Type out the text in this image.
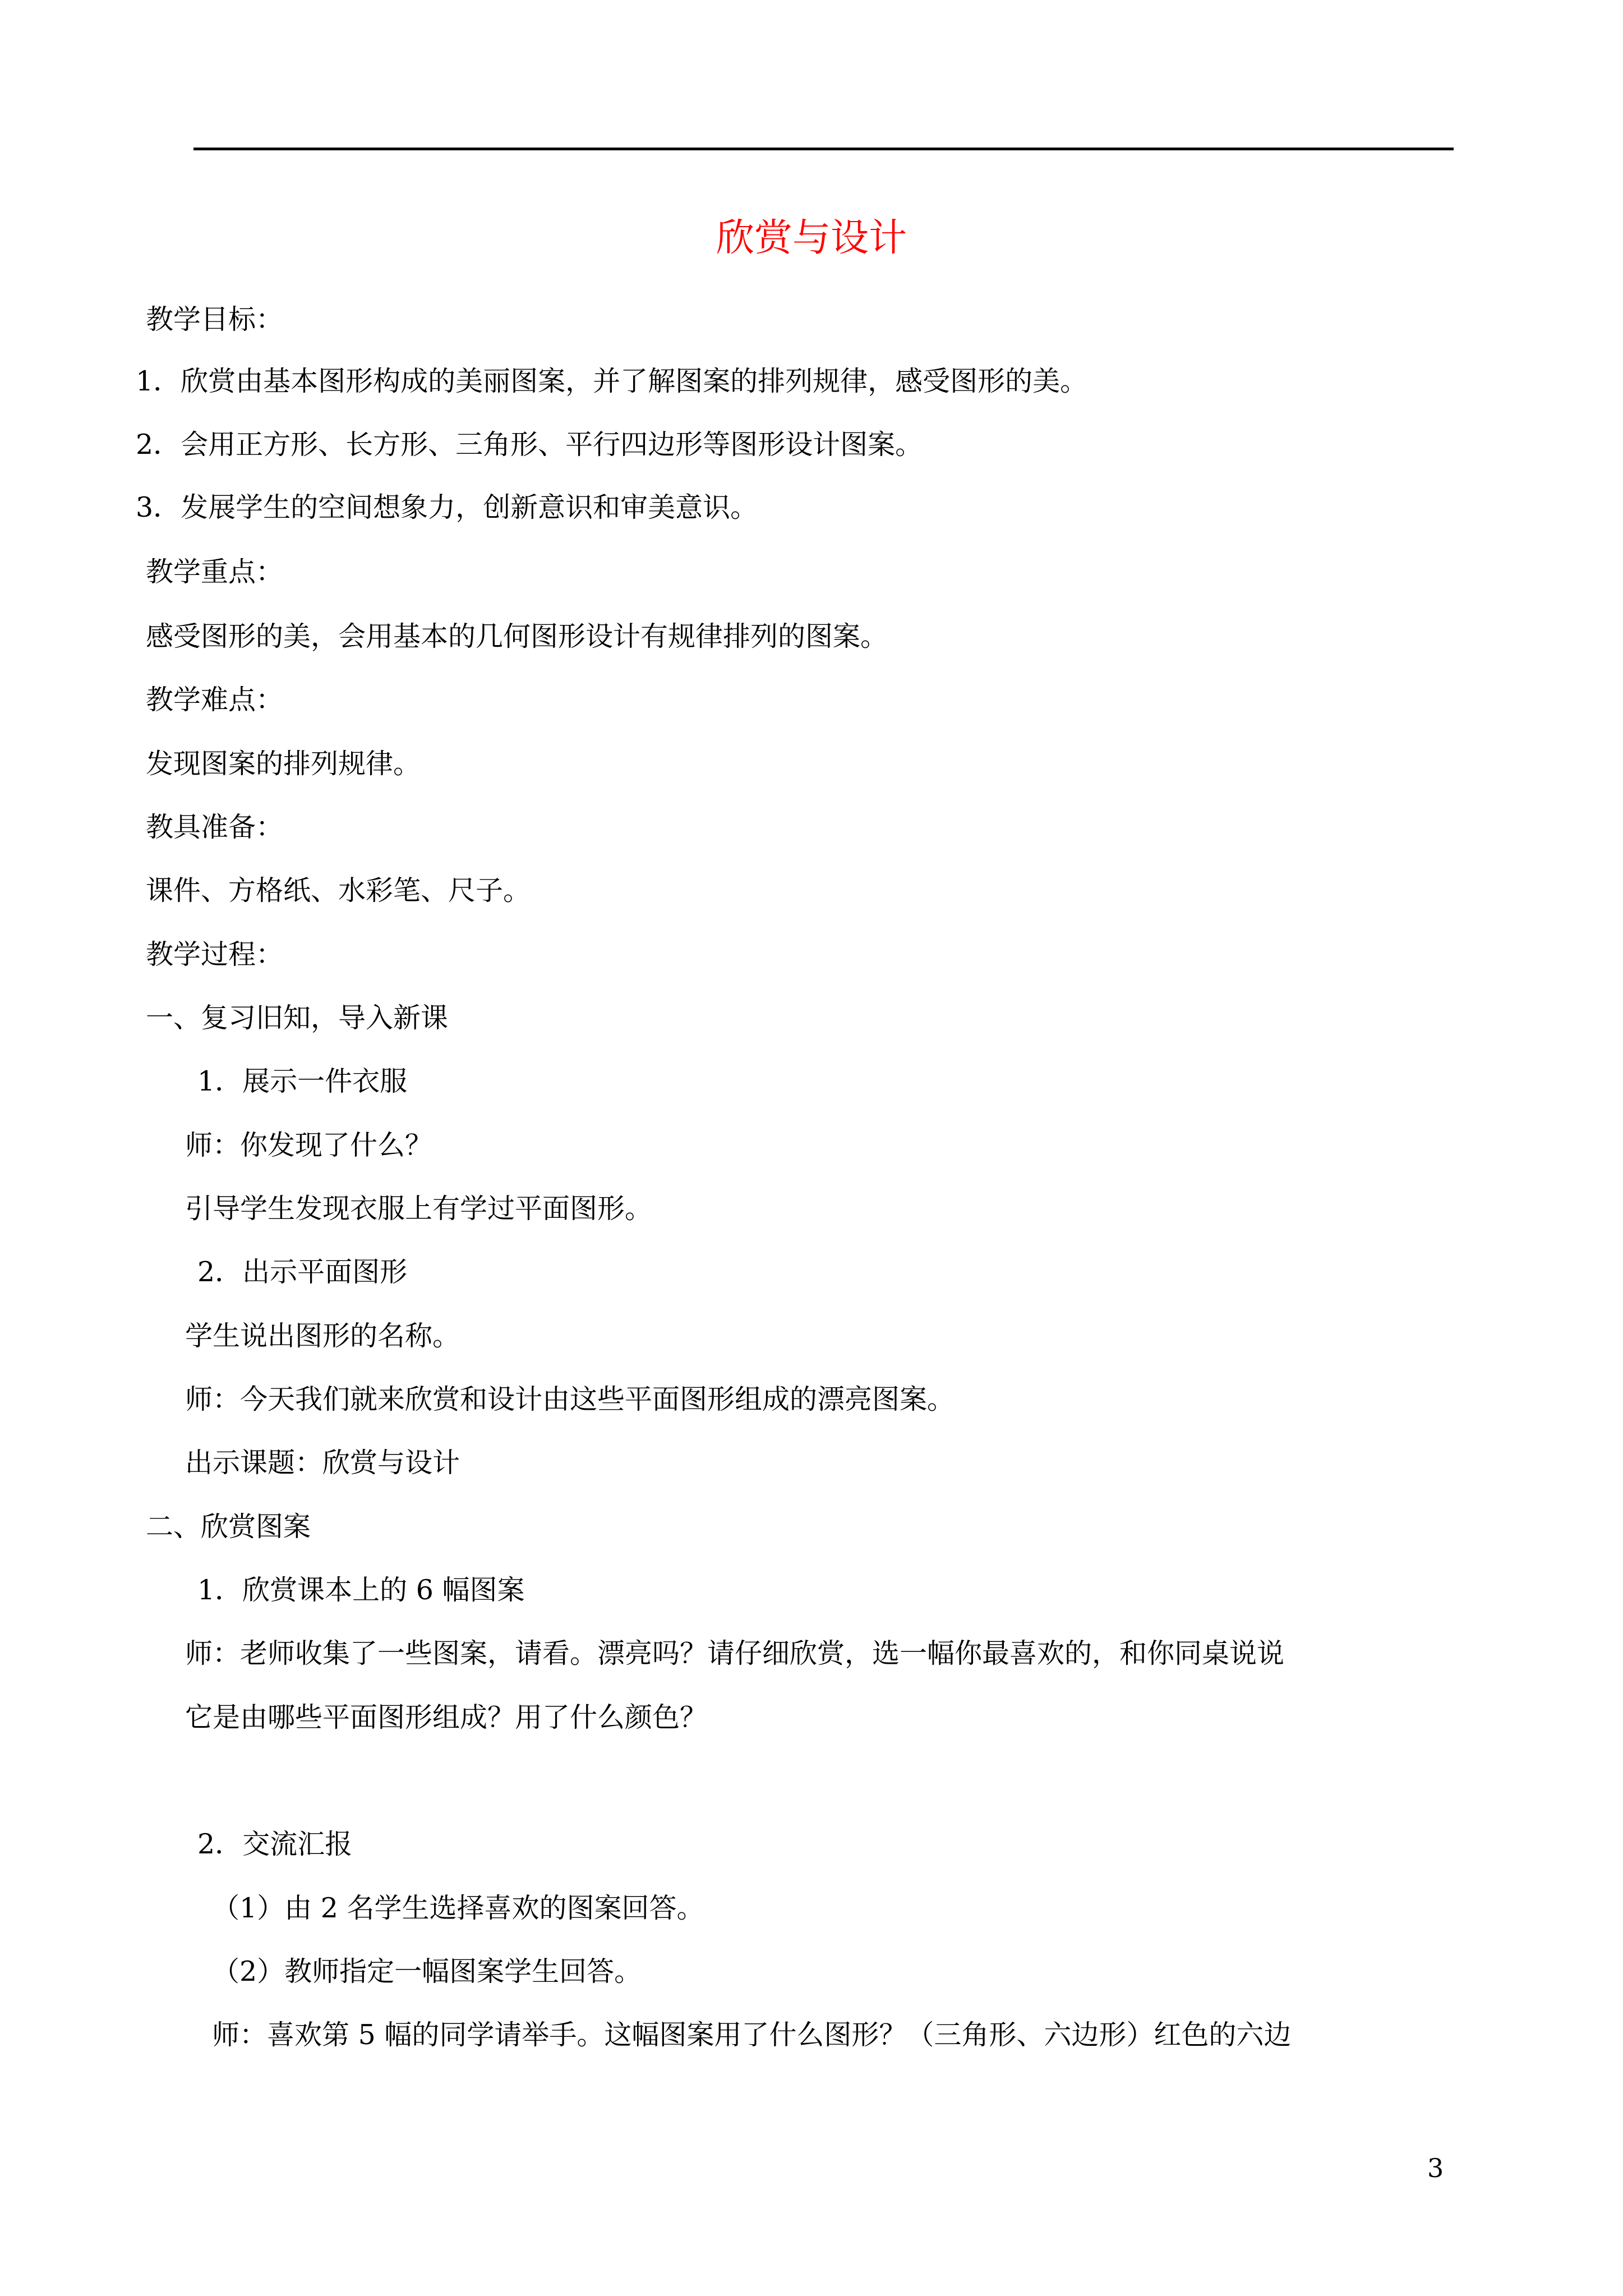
欣赏与设计
教学目标：
1．欣赏由基本图形构成的美丽图案，并了解图案的排列规律，感受图形的美。
2．会用正方形、长方形、三角形、平行四边形等图形设计图案。
3．发展学生的空间想象力，创新意识和审美意识。
教学重点：
感受图形的美，会用基本的几何图形设计有规律排列的图案。
教学难点：
发现图案的排列规律。
教具准备：
课件、方格纸、水彩笔、尺子。
教学过程：
一、复习旧知，导入新课
1．展示一件衣服
师：你发现了什么？
引导学生发现衣服上有学过平面图形。
2．出示平面图形
学生说出图形的名称。
师：今天我们就来欣赏和设计由这些平面图形组成的漂亮图案。
出示课题：欣赏与设计
二、欣赏图案
1．欣赏课本上的 6 幅图案
师：老师收集了一些图案，请看。漂亮吗？请仔细欣赏，选一幅你最喜欢的，和你同桌说说
它是由哪些平面图形组成？用了什么颜色？
2．交流汇报
（1）由 2 名学生选择喜欢的图案回答。
（2）教师指定一幅图案学生回答。
师：喜欢第 5 幅的同学请举手。这幅图案用了什么图形？（三角形、六边形）红色的六边
3
